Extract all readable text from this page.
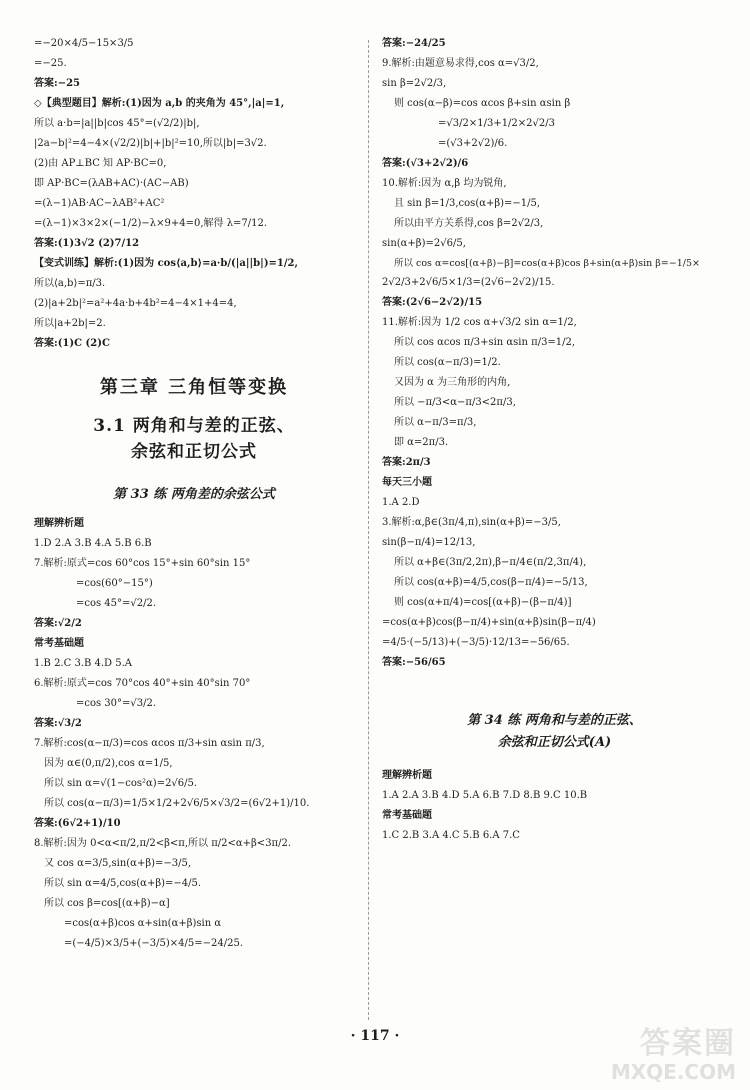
=−20×4/5−15×3/5
=−25.
答案:−25
◇【典型题目】解析:(1)因为 a,b 的夹角为 45°,|a|=1,
所以 a·b=|a||b|cos 45°=(√2/2)|b|,
|2a−b|²=4−4×(√2/2)|b|+|b|²=10,所以|b|=3√2.
(2)由 AP⊥BC 知 AP·BC=0,
即 AP·BC=(λAB+AC)·(AC−AB)
=(λ−1)AB·AC−λAB²+AC²
=(λ−1)×3×2×(−1/2)−λ×9+4=0,解得 λ=7/12.
答案:(1)3√2 (2)7/12
【变式训练】解析:(1)因为 cos⟨a,b⟩=a·b/(|a||b|)=1/2,
所以⟨a,b⟩=π/3.
(2)|a+2b|²=a²+4a·b+4b²=4−4×1+4=4,
所以|a+2b|=2.
答案:(1)C (2)C
第三章 三角恒等变换
3.1 两角和与差的正弦、
余弦和正切公式
第 33 练 两角差的余弦公式
理解辨析题
1.D 2.A 3.B 4.A 5.B 6.B
7.解析:原式=cos 60°cos 15°+sin 60°sin 15°
=cos(60°−15°)
=cos 45°=√2/2.
答案:√2/2
常考基础题
1.B 2.C 3.B 4.D 5.A
6.解析:原式=cos 70°cos 40°+sin 40°sin 70°
=cos 30°=√3/2.
答案:√3/2
7.解析:cos(α−π/3)=cos αcos π/3+sin αsin π/3,
因为 α∈(0,π/2),cos α=1/5,
所以 sin α=√(1−cos²α)=2√6/5.
所以 cos(α−π/3)=1/5×1/2+2√6/5×√3/2=(6√2+1)/10.
答案:(6√2+1)/10
8.解析:因为 0<α<π/2,π/2<β<π,所以 π/2<α+β<3π/2.
又 cos α=3/5,sin(α+β)=−3/5,
所以 sin α=4/5,cos(α+β)=−4/5.
所以 cos β=cos[(α+β)−α]
=cos(α+β)cos α+sin(α+β)sin α
=(−4/5)×3/5+(−3/5)×4/5=−24/25.
答案:−24/25
9.解析:由题意易求得,cos α=√3/2,
sin β=2√2/3,
则 cos(α−β)=cos αcos β+sin αsin β
=√3/2×1/3+1/2×2√2/3
=(√3+2√2)/6.
答案:(√3+2√2)/6
10.解析:因为 α,β 均为锐角,
且 sin β=1/3,cos(α+β)=−1/5,
所以由平方关系得,cos β=2√2/3,
sin(α+β)=2√6/5,
所以 cos α=cos[(α+β)−β]=cos(α+β)cos β+sin(α+β)sin β=−1/5×
2√2/3+2√6/5×1/3=(2√6−2√2)/15.
答案:(2√6−2√2)/15
11.解析:因为 1/2 cos α+√3/2 sin α=1/2,
所以 cos αcos π/3+sin αsin π/3=1/2,
所以 cos(α−π/3)=1/2.
又因为 α 为三角形的内角,
所以 −π/3<α−π/3<2π/3,
所以 α−π/3=π/3,
即 α=2π/3.
答案:2π/3
每天三小题
1.A 2.D
3.解析:α,β∈(3π/4,π),sin(α+β)=−3/5,
sin(β−π/4)=12/13,
所以 α+β∈(3π/2,2π),β−π/4∈(π/2,3π/4),
所以 cos(α+β)=4/5,cos(β−π/4)=−5/13,
则 cos(α+π/4)=cos[(α+β)−(β−π/4)]
=cos(α+β)cos(β−π/4)+sin(α+β)sin(β−π/4)
=4/5·(−5/13)+(−3/5)·12/13=−56/65.
答案:−56/65
第 34 练 两角和与差的正弦、
余弦和正切公式(A)
理解辨析题
1.A 2.A 3.B 4.D 5.A 6.B 7.D 8.B 9.C 10.B
常考基础题
1.C 2.B 3.A 4.C 5.B 6.A 7.C
· 117 ·	答案圈
MXQE.COM
